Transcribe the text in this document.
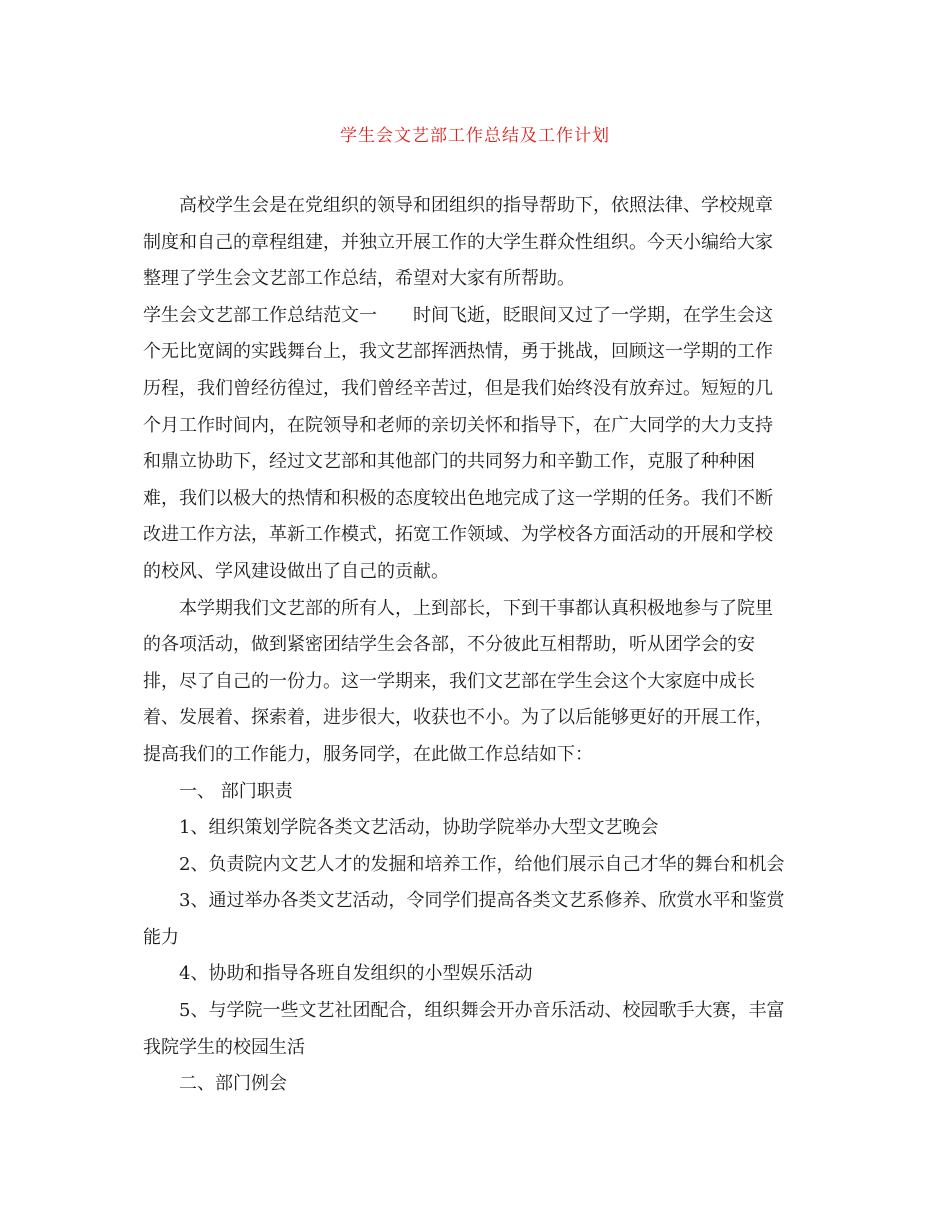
学生会文艺部工作总结及工作计划
高校学生会是在党组织的领导和团组织的指导帮助下，依照法律、学校规章
制度和自己的章程组建，并独立开展工作的大学生群众性组织。今天小编给大家
整理了学生会文艺部工作总结，希望对大家有所帮助。
学生会文艺部工作总结范文一　　时间飞逝，眨眼间又过了一学期，在学生会这
个无比宽阔的实践舞台上，我文艺部挥洒热情，勇于挑战，回顾这一学期的工作
历程，我们曾经彷徨过，我们曾经辛苦过，但是我们始终没有放弃过。短短的几
个月工作时间内，在院领导和老师的亲切关怀和指导下，在广大同学的大力支持
和鼎立协助下，经过文艺部和其他部门的共同努力和辛勤工作，克服了种种困
难，我们以极大的热情和积极的态度较出色地完成了这一学期的任务。我们不断
改进工作方法，革新工作模式，拓宽工作领域、为学校各方面活动的开展和学校
的校风、学风建设做出了自己的贡献。
本学期我们文艺部的所有人，上到部长，下到干事都认真积极地参与了院里
的各项活动，做到紧密团结学生会各部，不分彼此互相帮助，听从团学会的安
排，尽了自己的一份力。这一学期来，我们文艺部在学生会这个大家庭中成长
着、发展着、探索着，进步很大，收获也不小。为了以后能够更好的开展工作，
提高我们的工作能力，服务同学，在此做工作总结如下：
一、 部门职责
1、组织策划学院各类文艺活动，协助学院举办大型文艺晚会
2、负责院内文艺人才的发掘和培养工作，给他们展示自己才华的舞台和机会
3、通过举办各类文艺活动，令同学们提高各类文艺系修养、欣赏水平和鉴赏
能力
4、协助和指导各班自发组织的小型娱乐活动
5、与学院一些文艺社团配合，组织舞会开办音乐活动、校园歌手大赛，丰富
我院学生的校园生活
二、部门例会
